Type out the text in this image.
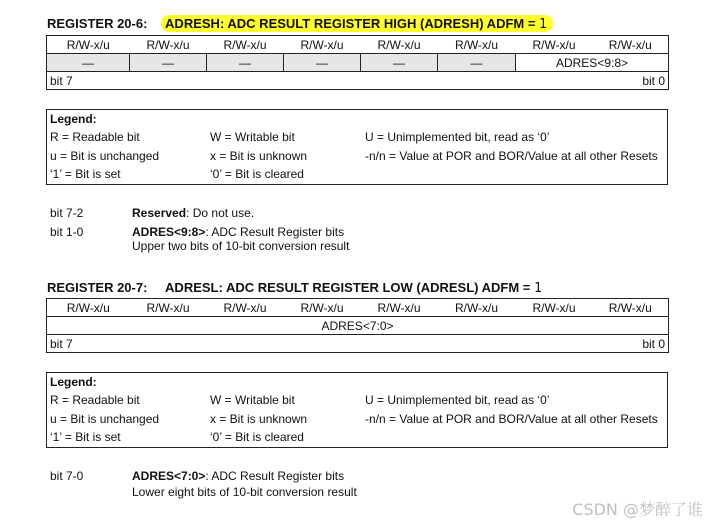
REGISTER 20-6: ADRESH: ADC RESULT REGISTER HIGH (ADRESH) ADFM = 1
R/W-x/u	R/W-x/u	R/W-x/u	R/W-x/u	R/W-x/u	R/W-x/u	R/W-x/u	R/W-x/u
—	—	—	—	—	—	ADRES<9:8>	
bit 7				bit 0			
Legend:
R = Readable bit	W = Writable bit	U = Unimplemented bit, read as ‘0’
u = Bit is unchanged	x = Bit is unknown	-n/n = Value at POR and BOR/Value at all other Resets
‘1’ = Bit is set	‘0’ = Bit is cleared
bit 7-2	Reserved: Do not use.
bit 1-0	ADRES<9:8>: ADC Result Register bits
Upper two bits of 10-bit conversion result
REGISTER 20-7: ADRESL: ADC RESULT REGISTER LOW (ADRESL) ADFM = 1
R/W-x/u	R/W-x/u	R/W-x/u	R/W-x/u	R/W-x/u	R/W-x/u	R/W-x/u	R/W-x/u
ADRES<7:0>							
bit 7				bit 0			
Legend:
R = Readable bit	W = Writable bit	U = Unimplemented bit, read as ‘0’
u = Bit is unchanged	x = Bit is unknown	-n/n = Value at POR and BOR/Value at all other Resets
‘1’ = Bit is set	‘0’ = Bit is cleared
bit 7-0	ADRES<7:0>: ADC Result Register bits
Lower eight bits of 10-bit conversion result
CSDN @梦醉了谁
